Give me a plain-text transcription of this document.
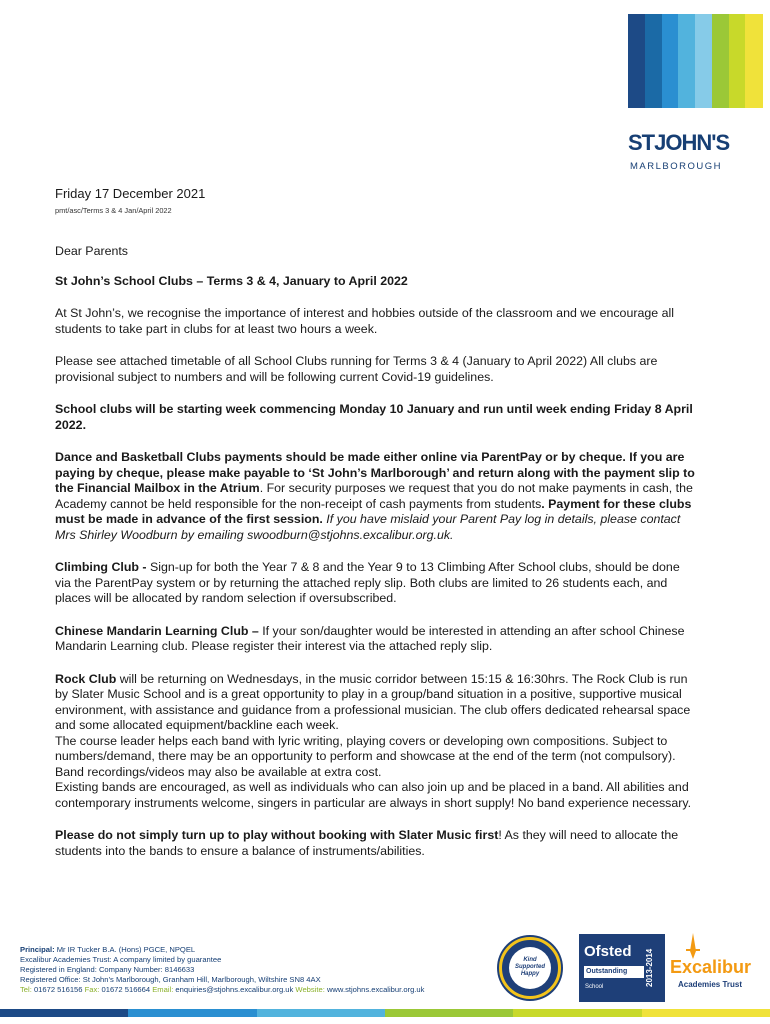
STJOHN'S
MARLBOROUGH
Friday 17 December 2021
pmt/asc/Terms 3 & 4 Jan/April 2022

Dear Parents

St John’s School Clubs – Terms 3 & 4, January to April 2022

At St John’s, we recognise the importance of interest and hobbies outside of the classroom and we encourage all students to take part in clubs for at least two hours a week.

Please see attached timetable of all School Clubs running for Terms 3 & 4 (January to April 2022) All clubs are provisional subject to numbers and will be following current Covid-19 guidelines.

School clubs will be starting week commencing Monday 10 January and run until week ending Friday 8 April 2022.

Dance and Basketball Clubs payments should be made either online via ParentPay or by cheque. If you are paying by cheque, please make payable to ‘St John’s Marlborough’ and return along with the payment slip to the Financial Mailbox in the Atrium. For security purposes we request that you do not make payments in cash, the Academy cannot be held responsible for the non-receipt of cash payments from students. Payment for these clubs must be made in advance of the first session. If you have mislaid your Parent Pay log in details, please contact Mrs Shirley Woodburn by emailing swoodburn@stjohns.excalibur.org.uk.

Climbing Club - Sign-up for both the Year 7 & 8 and the Year 9 to 13 Climbing After School clubs, should be done via the ParentPay system or by returning the attached reply slip. Both clubs are limited to 26 students each, and places will be allocated by random selection if oversubscribed.

Chinese Mandarin Learning Club – If your son/daughter would be interested in attending an after school Chinese Mandarin Learning club. Please register their interest via the attached reply slip.

Rock Club will be returning on Wednesdays, in the music corridor between 15:15 & 16:30hrs. The Rock Club is run by Slater Music School and is a great opportunity to play in a group/band situation in a positive, supportive musical environment, with assistance and guidance from a professional musician. The club offers dedicated rehearsal space and some allocated equipment/backline each week.

The course leader helps each band with lyric writing, playing covers or developing own compositions. Subject to numbers/demand, there may be an opportunity to perform and showcase at the end of the term (not compulsory). Band recordings/videos may also be available at extra cost.

Existing bands are encouraged, as well as individuals who can also join up and be placed in a band. All abilities and contemporary instruments welcome, singers in particular are always in short supply! No band experience necessary.

Please do not simply turn up to play without booking with Slater Music first! As they will need to allocate the students into the bands to ensure a balance of instruments/abilities.

Principal: Mr IR Tucker B.A. (Hons) PGCE, NPQEL
Excalibur Academies Trust: A company limited by guarantee
Registered in England: Company Number: 8146633
Registered Office: St John’s Marlborough, Granham Hill, Marlborough, Wiltshire SN8 4AX
Tel: 01672 516156 Fax: 01672 516664 Email: enquiries@stjohns.excalibur.org.uk Website: www.stjohns.excalibur.org.uk
Kind Supported Happy
Ofsted
Outstanding
School	2013-2014 Excalibur
Academies Trust
